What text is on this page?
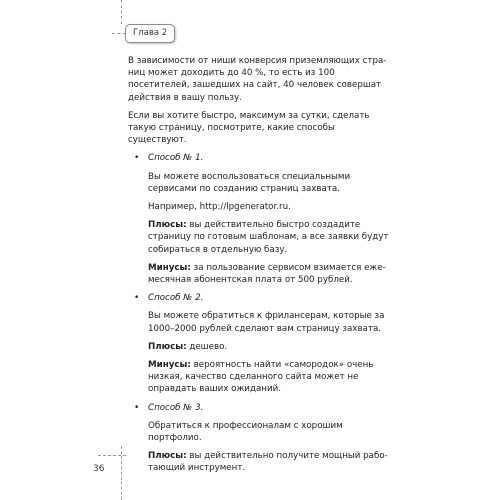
Глава 2

В зависимости от ниши конверсия приземляющих страниц может доходить до 40 %, то есть из 100 посетителей, зашедших на сайт, 40 человек совершат действия в вашу пользу.

Если вы хотите быстро, максимум за сутки, сделать такую страницу, посмотрите, какие способы существуют.

• Способ № 1.

Вы можете воспользоваться специальными сервисами по созданию страниц захвата.

Например, http://lpgenerator.ru.

Плюсы: вы действительно быстро создадите страницу по готовым шаблонам, а все заявки будут собираться в отдельную базу.

Минусы: за пользование сервисом взимается ежемесячная абонентская плата от 500 рублей.

• Способ № 2.

Вы можете обратиться к фрилансерам, которые за 1000–2000 рублей сделают вам страницу захвата.

Плюсы: дешево.

Минусы: вероятность найти «самородок» очень низкая, качество сделанного сайта может не оправдать ваших ожиданий.

• Способ № 3.

Обратиться к профессионалам с хорошим портфолио.

Плюсы: вы действительно получите мощный работающий инструмент.

36
